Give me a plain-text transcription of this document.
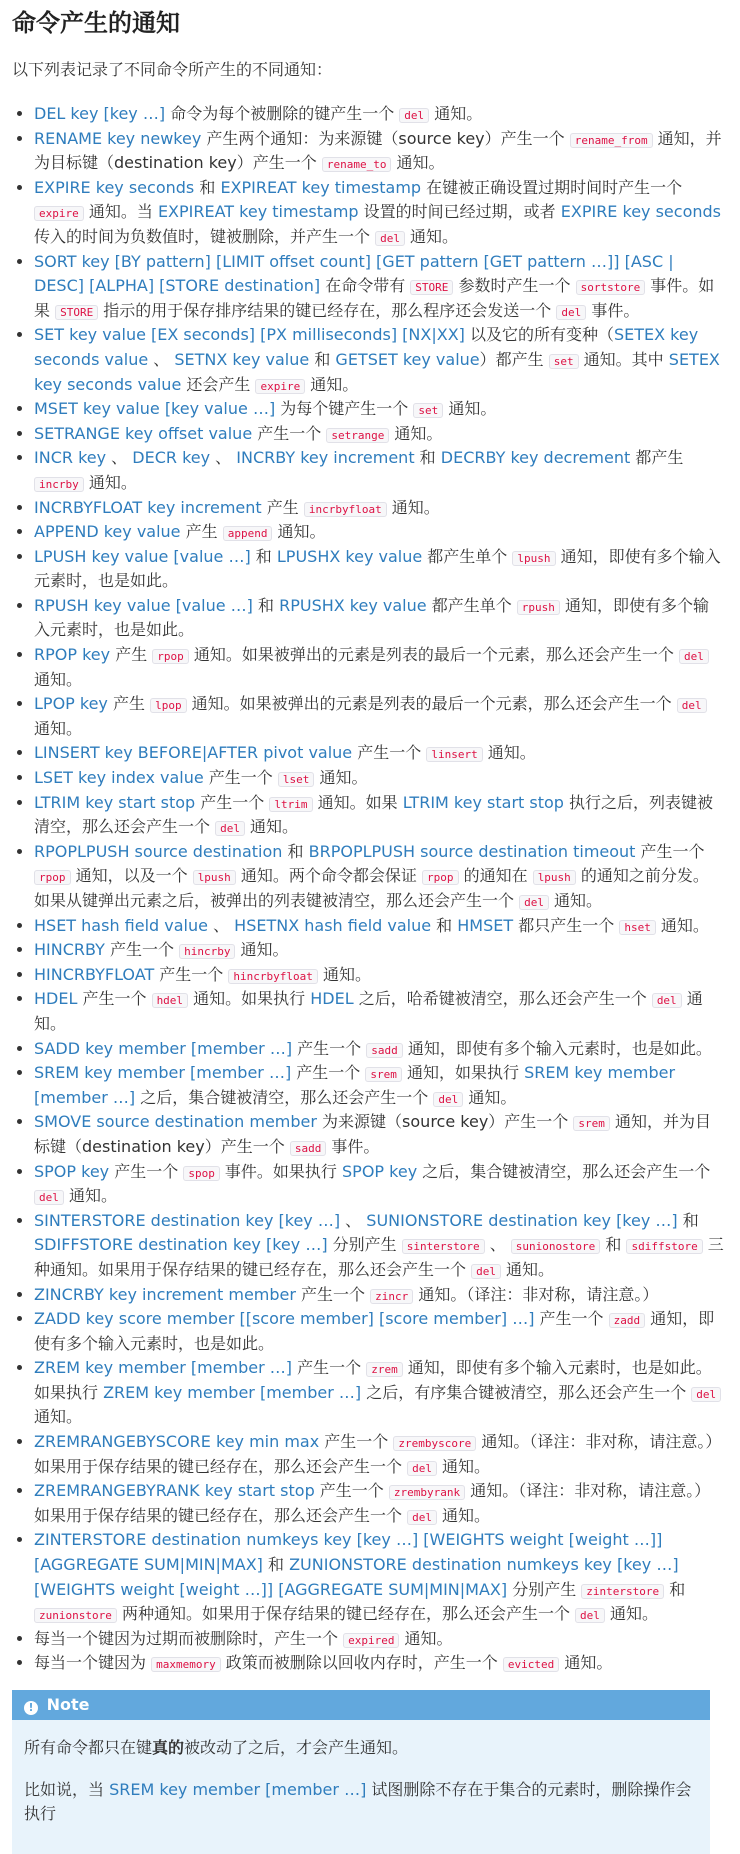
命令产生的通知

以下列表记录了不同命令所产生的不同通知：

• DEL key [key …] 命令为每个被删除的键产生一个 del 通知。
• RENAME key newkey 产生两个通知：为来源键（source key）产生一个 rename_from 通知，并为目标键（destination key）产生一个 rename_to 通知。
• EXPIRE key seconds 和 EXPIREAT key timestamp 在键被正确设置过期时间时产生一个 expire 通知。当 EXPIREAT key timestamp 设置的时间已经过期，或者 EXPIRE key seconds 传入的时间为负数值时，键被删除，并产生一个 del 通知。
• SORT key [BY pattern] [LIMIT offset count] [GET pattern [GET pattern …]] [ASC | DESC] [ALPHA] [STORE destination] 在命令带有 STORE 参数时产生一个 sortstore 事件。如果 STORE 指示的用于保存排序结果的键已经存在，那么程序还会发送一个 del 事件。
• SET key value [EX seconds] [PX milliseconds] [NX|XX] 以及它的所有变种（SETEX key seconds value 、 SETNX key value 和 GETSET key value）都产生 set 通知。其中 SETEX key seconds value 还会产生 expire 通知。
• MSET key value [key value …] 为每个键产生一个 set 通知。
• SETRANGE key offset value 产生一个 setrange 通知。
• INCR key 、 DECR key 、 INCRBY key increment 和 DECRBY key decrement 都产生 incrby 通知。
• INCRBYFLOAT key increment 产生 incrbyfloat 通知。
• APPEND key value 产生 append 通知。
• LPUSH key value [value …] 和 LPUSHX key value 都产生单个 lpush 通知，即使有多个输入元素时，也是如此。
• RPUSH key value [value …] 和 RPUSHX key value 都产生单个 rpush 通知，即使有多个输入元素时，也是如此。
• RPOP key 产生 rpop 通知。如果被弹出的元素是列表的最后一个元素，那么还会产生一个 del 通知。
• LPOP key 产生 lpop 通知。如果被弹出的元素是列表的最后一个元素，那么还会产生一个 del 通知。
• LINSERT key BEFORE|AFTER pivot value 产生一个 linsert 通知。
• LSET key index value 产生一个 lset 通知。
• LTRIM key start stop 产生一个 ltrim 通知。如果 LTRIM key start stop 执行之后，列表键被清空，那么还会产生一个 del 通知。
• RPOPLPUSH source destination 和 BRPOPLPUSH source destination timeout 产生一个 rpop 通知，以及一个 lpush 通知。两个命令都会保证 rpop 的通知在 lpush 的通知之前分发。如果从键弹出元素之后，被弹出的列表键被清空，那么还会产生一个 del 通知。
• HSET hash field value 、 HSETNX hash field value 和 HMSET 都只产生一个 hset 通知。
• HINCRBY 产生一个 hincrby 通知。
• HINCRBYFLOAT 产生一个 hincrbyfloat 通知。
• HDEL 产生一个 hdel 通知。如果执行 HDEL 之后，哈希键被清空，那么还会产生一个 del 通知。
• SADD key member [member …] 产生一个 sadd 通知，即使有多个输入元素时，也是如此。
• SREM key member [member …] 产生一个 srem 通知，如果执行 SREM key member [member …] 之后，集合键被清空，那么还会产生一个 del 通知。
• SMOVE source destination member 为来源键（source key）产生一个 srem 通知，并为目标键（destination key）产生一个 sadd 事件。
• SPOP key 产生一个 spop 事件。如果执行 SPOP key 之后，集合键被清空，那么还会产生一个 del 通知。
• SINTERSTORE destination key [key …] 、 SUNIONSTORE destination key [key …] 和 SDIFFSTORE destination key [key …] 分别产生 sinterstore 、 sunionostore 和 sdiffstore 三种通知。如果用于保存结果的键已经存在，那么还会产生一个 del 通知。
• ZINCRBY key increment member 产生一个 zincr 通知。（译注：非对称，请注意。）
• ZADD key score member [[score member] [score member] …] 产生一个 zadd 通知，即使有多个输入元素时，也是如此。
• ZREM key member [member …] 产生一个 zrem 通知，即使有多个输入元素时，也是如此。如果执行 ZREM key member [member …] 之后，有序集合键被清空，那么还会产生一个 del 通知。
• ZREMRANGEBYSCORE key min max 产生一个 zrembyscore 通知。（译注：非对称，请注意。）如果用于保存结果的键已经存在，那么还会产生一个 del 通知。
• ZREMRANGEBYRANK key start stop 产生一个 zrembyrank 通知。（译注：非对称，请注意。）如果用于保存结果的键已经存在，那么还会产生一个 del 通知。
• ZINTERSTORE destination numkeys key [key …] [WEIGHTS weight [weight …]] [AGGREGATE SUM|MIN|MAX] 和 ZUNIONSTORE destination numkeys key [key …] [WEIGHTS weight [weight …]] [AGGREGATE SUM|MIN|MAX] 分别产生 zinterstore 和 zunionstore 两种通知。如果用于保存结果的键已经存在，那么还会产生一个 del 通知。
• 每当一个键因为过期而被删除时，产生一个 expired 通知。
• 每当一个键因为 maxmemory 政策而被删除以回收内存时，产生一个 evicted 通知。
! Note

所有命令都只在键真的被改动了之后，才会产生通知。

比如说，当 SREM key member [member …] 试图删除不存在于集合的元素时，删除操作会执行
